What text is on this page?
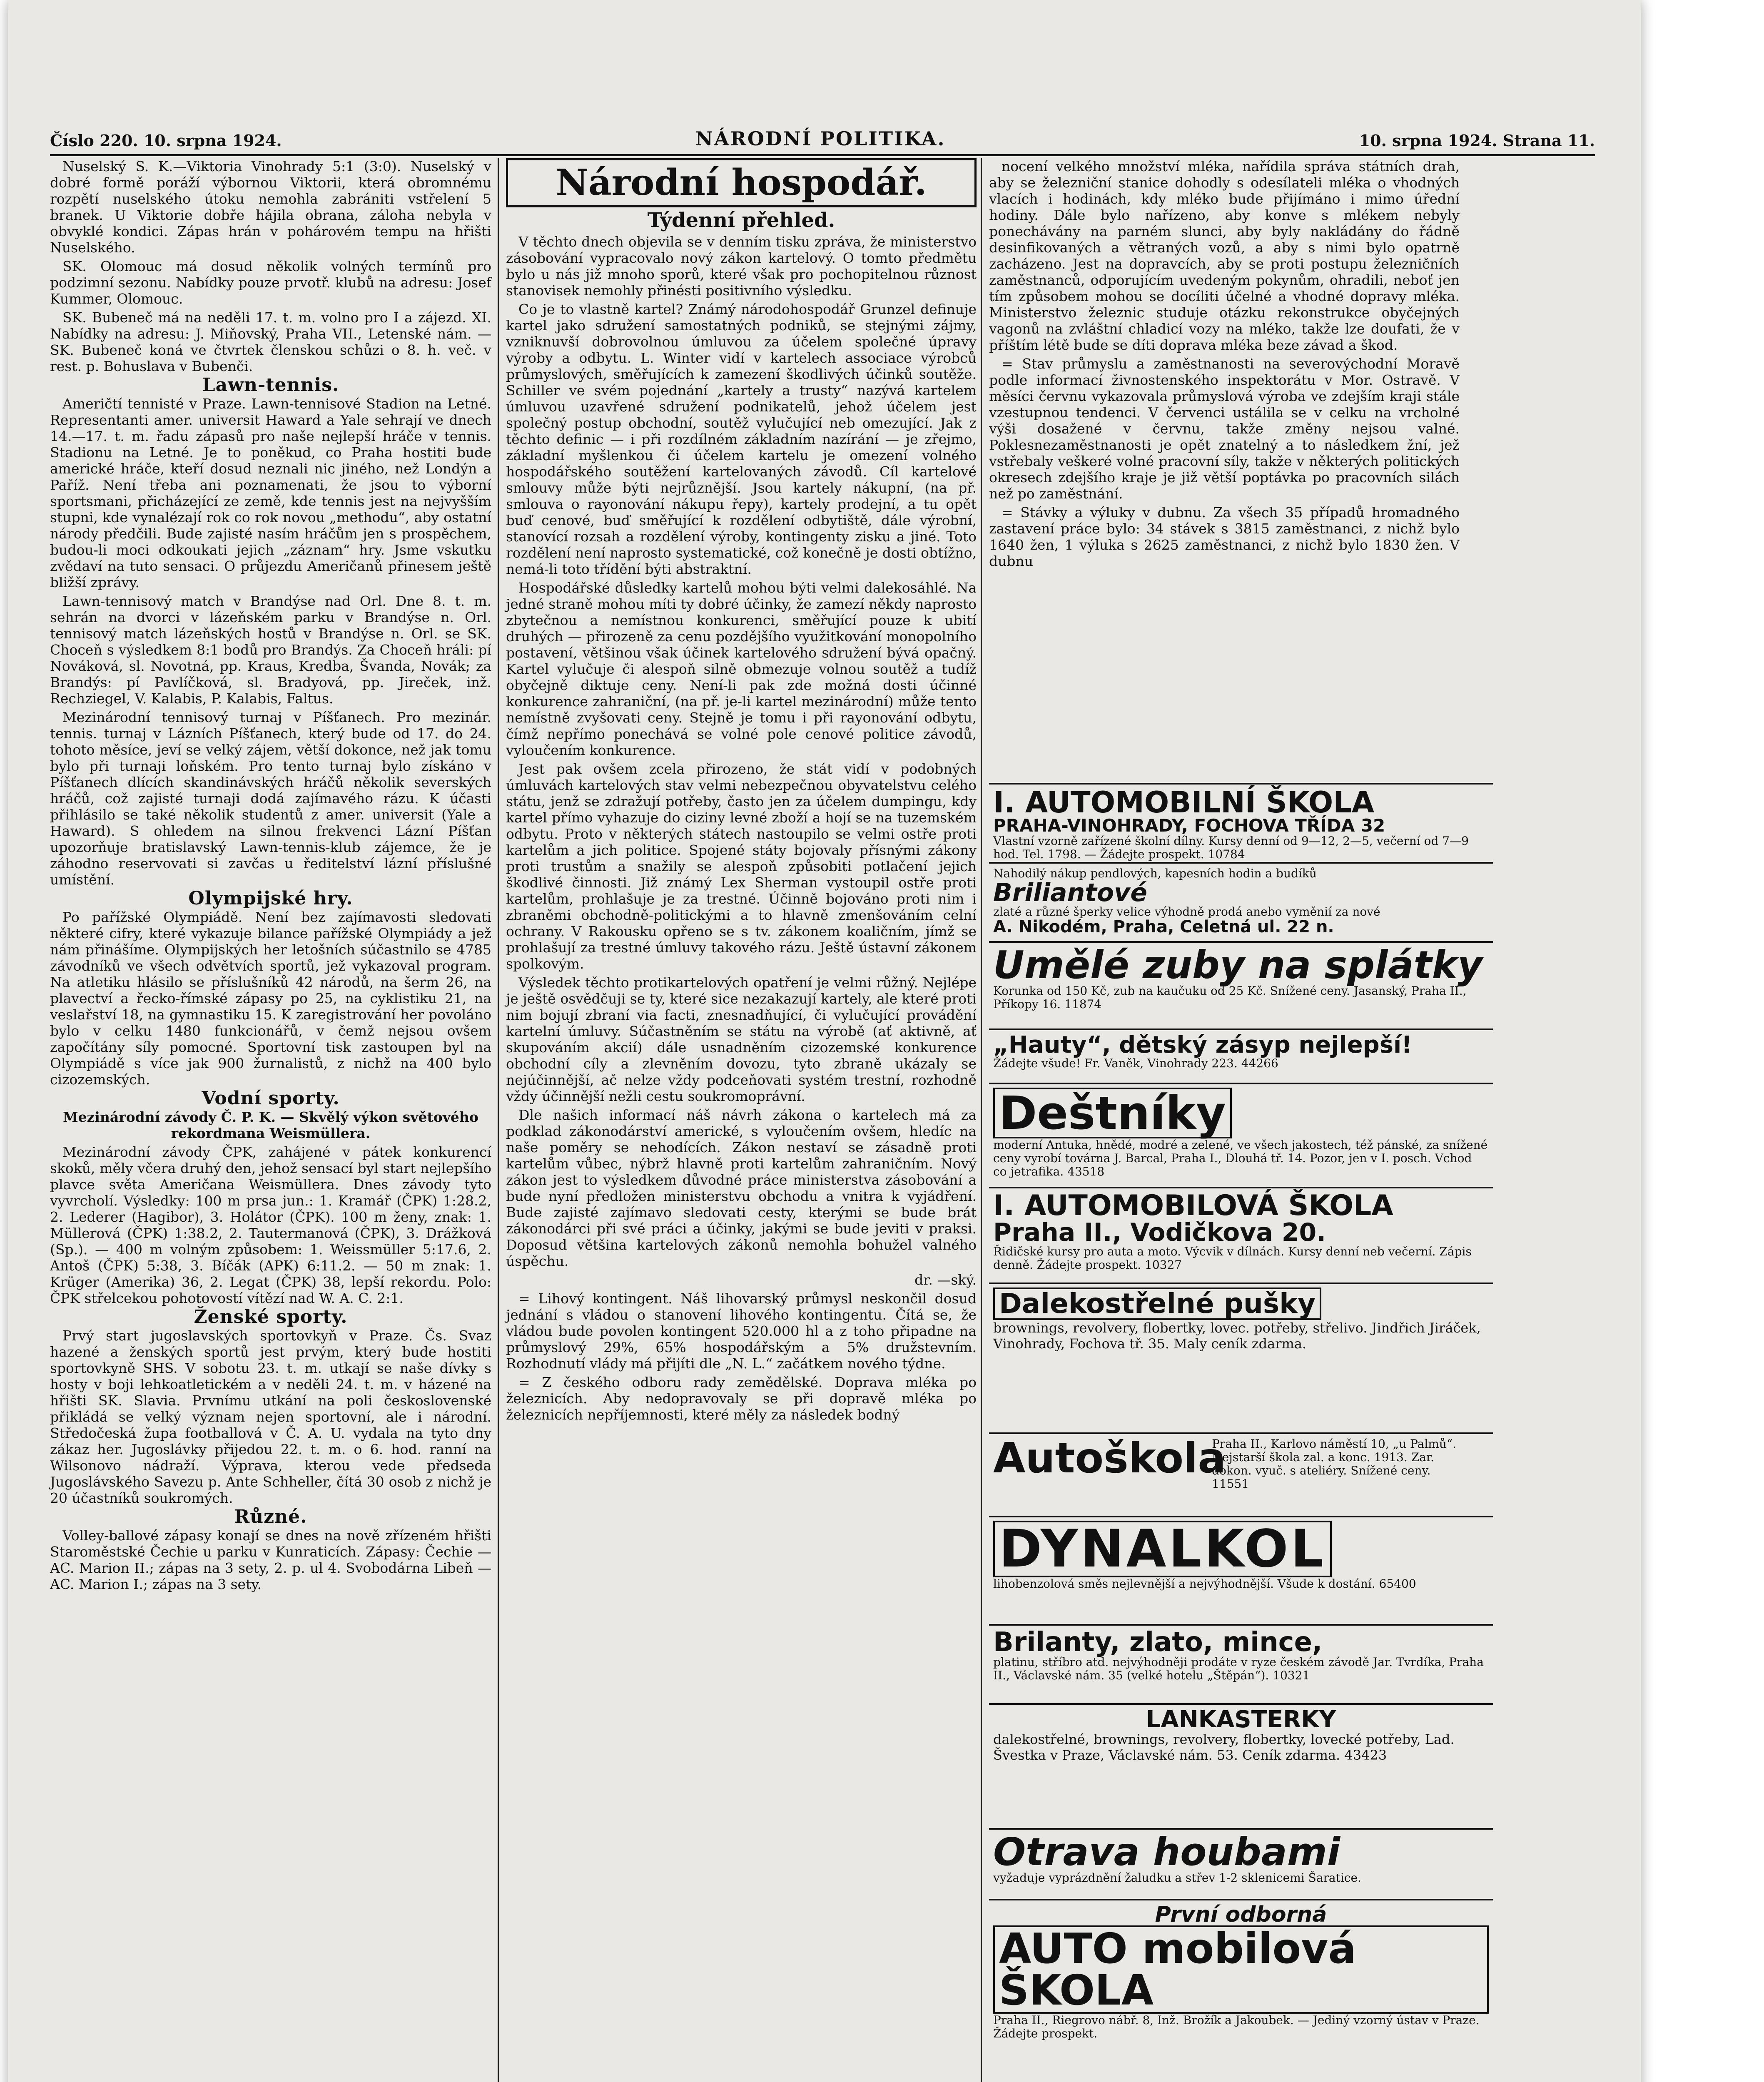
Číslo 220. 10. srpna 1924.	NÁRODNÍ POLITIKA.	10. srpna 1924. Strana 11.

Nuselský S. K.—Viktoria Vinohrady 5:1 (3:0). Nuselský v dobré formě poráží výbornou Viktorii, která obromnému rozpětí nuselského útoku nemohla zabrániti vstřelení 5 branek. U Viktorie dobře hájila obrana, záloha nebyla v obvyklé kondici. Zápas hrán v pohárovém tempu na hřišti Nuselského.

SK. Olomouc má dosud několik volných termínů pro podzimní sezonu. Nabídky pouze prvotř. klubů na adresu: Josef Kummer, Olomouc.

SK. Bubeneč má na neděli 17. t. m. volno pro I a zájezd. XI. Nabídky na adresu: J. Miňovský, Praha VII., Letenské nám. — SK. Bubeneč koná ve čtvrtek členskou schůzi o 8. h. več. v rest. p. Bohuslava v Bubenči.

Lawn-tennis.

Američtí tennisté v Praze. Lawn-tennisové Stadion na Letné. Representanti amer. universit Haward a Yale sehrají ve dnech 14.—17. t. m. řadu zápasů pro naše nejlepší hráče v tennis. Stadionu na Letné. Je to poněkud, co Praha hostiti bude americké hráče, kteří dosud neznali nic jiného, než Londýn a Paříž. Není třeba ani poznamenati, že jsou to výborní sportsmani, přicházející ze země, kde tennis jest na nejvyšším stupni, kde vynalézají rok co rok novou „methodu“, aby ostatní národy předčili. Bude zajisté nasím hráčům jen s prospěchem, budou-li moci odkoukati jejich „záznam“ hry. Jsme vskutku zvědaví na tuto sensaci. O průjezdu Američanů přinesem ještě bližší zprávy.

Lawn-tennisový match v Brandýse nad Orl. Dne 8. t. m. sehrán na dvorci v lázeňském parku v Brandýse n. Orl. tennisový match lázeňských hostů v Brandýse n. Orl. se SK. Choceň s výsledkem 8:1 bodů pro Brandýs. Za Choceň hráli: pí Nováková, sl. Novotná, pp. Kraus, Kredba, Švanda, Novák; za Brandýs: pí Pavlíčková, sl. Bradyová, pp. Jireček, inž. Rechziegel, V. Kalabis, P. Kalabis, Faltus.

Mezinárodní tennisový turnaj v Píšťanech. Pro mezinár. tennis. turnaj v Lázních Píšťanech, který bude od 17. do 24. tohoto měsíce, jeví se velký zájem, větší dokonce, než jak tomu bylo při turnaji loňském. Pro tento turnaj bylo získáno v Píšťanech dlících skandinávských hráčů několik severských hráčů, což zajisté turnaji dodá zajímavého rázu. K účasti přihlásilo se také několik studentů z amer. universit (Yale a Haward). S ohledem na silnou frekvenci Lázní Píšťan upozorňuje bratislavský Lawn-tennis-klub zájemce, že je záhodno reservovati si zavčas u ředitelství lázní příslušné umístění.

Olympijské hry.

Po pařížské Olympiádě. Není bez zajímavosti sledovati některé cifry, které vykazuje bilance pařížské Olympiády a jež nám přinášíme. Olympijských her letošních súčastnilo se 4785 závodníků ve všech odvětvích sportů, jež vykazoval program. Na atletiku hlásilo se příslušníků 42 národů, na šerm 26, na plavectví a řecko-římské zápasy po 25, na cyklistiku 21, na veslařství 18, na gymnastiku 15. K zaregistrování her povoláno bylo v celku 1480 funkcionářů, v čemž nejsou ovšem započítány síly pomocné. Sportovní tisk zastoupen byl na Olympiádě s více jak 900 žurnalistů, z nichž na 400 bylo cizozemských.

Vodní sporty.

Mezinárodní závody Č. P. K. — Skvělý výkon světového rekordmana Weismüllera.

Mezinárodní závody ČPK, zahájené v pátek konkurencí skoků, měly včera druhý den, jehož sensací byl start nejlepšího plavce světa Američana Weismüllera. Dnes závody tyto vyvrcholí. Výsledky: 100 m prsa jun.: 1. Kramář (ČPK) 1:28.2, 2. Lederer (Hagibor), 3. Holátor (ČPK). 100 m ženy, znak: 1. Müllerová (ČPK) 1:38.2, 2. Tautermanová (ČPK), 3. Drážková (Sp.). — 400 m volným způsobem: 1. Weissmüller 5:17.6, 2. Antoš (ČPK) 5:38, 3. Bíčák (APK) 6:11.2. — 50 m znak: 1. Krüger (Amerika) 36, 2. Legat (ČPK) 38, lepší rekordu. Polo: ČPK střelcekou pohotovostí vítězí nad W. A. C. 2:1.

Ženské sporty.

Prvý start jugoslavských sportovkyň v Praze. Čs. Svaz hazené a ženských sportů jest prvým, který bude hostiti sportovkyně SHS. V sobotu 23. t. m. utkají se naše dívky s hosty v boji lehkoatletickém a v neděli 24. t. m. v házené na hřišti SK. Slavia. Prvnímu utkání na poli československé přikládá se velký význam nejen sportovní, ale i národní. Středočeská župa footballová v Č. A. U. vydala na tyto dny zákaz her. Jugoslávky přijedou 22. t. m. o 6. hod. ranní na Wilsonovo nádraží. Výprava, kterou vede předseda Jugoslávského Savezu p. Ante Schheller, čítá 30 osob z nichž je 20 účastníků soukromých.

Různé.

Volley-ballové zápasy konají se dnes na nově zřízeném hřišti Staroměstské Čechie u parku v Kunraticích. Zápasy: Čechie — AC. Marion II.; zápas na 3 sety, 2. p. ul 4. Svobodárna Libeň — AC. Marion I.; zápas na 3 sety.

Národní hospodář.
Týdenní přehled.

V těchto dnech objevila se v denním tisku zpráva, že ministerstvo zásobování vypracovalo nový zákon kartelový. O tomto předmětu bylo u nás již mnoho sporů, které však pro pochopitelnou různost stanovisek nemohly přinésti positivního výsledku.

Co je to vlastně kartel? Známý národohospodář Grunzel definuje kartel jako sdružení samostatných podniků, se stejnými zájmy, vzniknuvší dobrovolnou úmluvou za účelem společné úpravy výroby a odbytu. L. Winter vidí v kartelech associace výrobců průmyslových, směřujících k zamezení škodlivých účinků soutěže. Schiller ve svém pojednání „kartely a trusty“ nazývá kartelem úmluvou uzavřené sdružení podnikatelů, jehož účelem jest společný postup obchodní, soutěž vylučující neb omezující. Jak z těchto definic — i při rozdílném základním nazírání — je zřejmo, základní myšlenkou či účelem kartelu je omezení volného hospodářského soutěžení kartelovaných závodů. Cíl kartelové smlouvy může býti nejrůznější. Jsou kartely nákupní, (na př. smlouva o rayonování nákupu řepy), kartely prodejní, a tu opět buď cenové, buď směřující k rozdělení odbytiště, dále výrobní, stanovící rozsah a rozdělení výroby, kontingenty zisku a jiné. Toto rozdělení není naprosto systematické, což konečně je dosti obtížno, nemá-li toto třídění býti abstraktní.

Hospodářské důsledky kartelů mohou býti velmi dalekosáhlé. Na jedné straně mohou míti ty dobré účinky, že zamezí někdy naprosto zbytečnou a nemístnou konkurenci, směřující pouze k ubití druhých — přirozeně za cenu pozdějšího využitkování monopolního postavení, většinou však účinek kartelového sdružení bývá opačný. Kartel vylučuje či alespoň silně obmezuje volnou soutěž a tudíž obyčejně diktuje ceny. Není-li pak zde možná dosti účinné konkurence zahraniční, (na př. je-li kartel mezinárodní) může tento nemístně zvyšovati ceny. Stejně je tomu i při rayonování odbytu, čímž nepřímo ponechává se volné pole cenové politice závodů, vyloučením konkurence.

Jest pak ovšem zcela přirozeno, že stát vidí v podobných úmluvách kartelových stav velmi nebezpečnou obyvatelstvu celého státu, jenž se zdražují potřeby, často jen za účelem dumpingu, kdy kartel přímo vyhazuje do ciziny levné zboží a hojí se na tuzemském odbytu. Proto v některých státech nastoupilo se velmi ostře proti kartelům a jich politice. Spojené státy bojovaly přísnými zákony proti trustům a snažily se alespoň způsobiti potlačení jejich škodlivé činnosti. Již známý Lex Sherman vystoupil ostře proti kartelům, prohlašuje je za trestné. Účinně bojováno proti nim i zbraněmi obchodně-politickými a to hlavně zmenšováním celní ochrany. V Rakousku opřeno se s tv. zákonem koaličním, jímž se prohlašují za trestné úmluvy takového rázu. Ještě ústavní zákonem spolkovým.

Výsledek těchto protikartelových opatření je velmi růžný. Nejlépe je ještě osvědčuji se ty, které sice nezakazují kartely, ale které proti nim bojují zbraní via facti, znesnadňující, či vylučující provádění kartelní úmluvy. Súčastněním se státu na výrobě (ať aktivně, ať skupováním akcií) dále usnadněním cizozemské konkurence obchodní cíly a zlevněním dovozu, tyto zbraně ukázaly se nejúčinnější, ač nelze vždy podceňovati systém trestní, rozhodně vždy účinnější nežli cestu soukromoprávní.

Dle našich informací náš návrh zákona o kartelech má za podklad zákonodárství americké, s vyloučením ovšem, hledíc na naše poměry se nehodících. Zákon nestaví se zásadně proti kartelům vůbec, nýbrž hlavně proti kartelům zahraničním. Nový zákon jest to výsledkem důvodné práce ministerstva zásobování a bude nyní předložen ministerstvu obchodu a vnitra k vyjádření. Bude zajisté zajímavo sledovati cesty, kterými se bude brát zákonodárci při své práci a účinky, jakými se bude jeviti v praksi. Doposud většina kartelových zákonů nemohla bohužel valného úspěchu.

dr. —ský.

= Lihový kontingent. Náš lihovarský průmysl neskončil dosud jednání s vládou o stanovení lihového kontingentu. Čítá se, že vládou bude povolen kontingent 520.000 hl a z toho připadne na průmyslový 29%, 65% hospodářským a 5% družstevním. Rozhodnutí vlády má přijíti dle „N. L.“ začátkem nového týdne.

= Z českého odboru rady zemědělské. Doprava mléka po železnicích. Aby nedopravovaly se při dopravě mléka po železnicích nepříjemnosti, které měly za následek bodný

nocení velkého množství mléka, nařídila správa státních drah, aby se železniční stanice dohodly s odesílateli mléka o vhodných vlacích i hodinách, kdy mléko bude přijímáno i mimo úřední hodiny. Dále bylo nařízeno, aby konve s mlékem nebyly ponechávány na parném slunci, aby byly nakládány do řádně desinfikovaných a větraných vozů, a aby s nimi bylo opatrně zacházeno. Jest na dopravcích, aby se proti postupu železničních zaměstnanců, odporujícím uvedeným pokynům, ohradili, neboť jen tím způsobem mohou se docíliti účelné a vhodné dopravy mléka. Ministerstvo železnic studuje otázku rekonstrukce obyčejných vagonů na zvláštní chladicí vozy na mléko, takže lze doufati, že v příštím létě bude se díti doprava mléka beze závad a škod.

= Stav průmyslu a zaměstnanosti na severovýchodní Moravě podle informací živnostenského inspektorátu v Mor. Ostravě. V měsíci červnu vykazovala průmyslová výroba ve zdejším kraji stále vzestupnou tendenci. V červenci ustálila se v celku na vrcholné výši dosažené v červnu, takže změny nejsou valné. Poklesnezaměstnanosti je opět znatelný a to následkem žní, jež vstřebaly veškeré volné pracovní síly, takže v některých politických okresech zdejšího kraje je již větší poptávka po pracovních silách než po zaměstnání.

= Stávky a výluky v dubnu. Za všech 35 případů hromadného zastavení práce bylo: 34 stávek s 3815 zaměstnanci, z nichž bylo 1640 žen, 1 výluka s 2625 zaměstnanci, z nichž bylo 1830 žen. V dubnu

I. AUTOMOBILNÍ ŠKOLA
PRAHA-VINOHRADY, FOCHOVA TŘÍDA 32
Vlastní vzorně zařízené školní dílny. Kursy denní od 9—12, 2—5, večerní od 7—9 hod. Tel. 1798. — Žádejte prospekt. 10784
Nahodilý nákup pendlových, kapesních hodin a budíků
Briliantové
zlaté a různé šperky velice výhodně prodá anebo vyměnií za nové
A. Nikodém, Praha, Celetná ul. 22 n.
Umělé zuby na splátky
Korunka od 150 Kč, zub na kaučuku od 25 Kč. Snížené ceny. Jasanský, Praha II., Příkopy 16. 11874
„Hauty“, dětský zásyp nejlepší!
Žádejte všude! Fr. Vaněk, Vinohrady 223. 44266
Deštníky
moderní Antuka, hnědé, modré a zelené, ve všech jakostech, též pánské, za snížené ceny vyrobí továrna J. Barcal, Praha I., Dlouhá tř. 14. Pozor, jen v I. posch. Vchod co jetrafika. 43518
I. AUTOMOBILOVÁ ŠKOLA
Praha II., Vodičkova 20.
Řidičské kursy pro auta a moto. Výcvik v dílnách. Kursy denní neb večerní. Zápis denně. Žádejte prospekt. 10327
Dalekostřelné pušky
brownings, revolvery, flobertky, lovec. potřeby, střelivo. Jindřich Jiráček, Vinohrady, Fochova tř. 35. Maly ceník zdarma.
Autoškola Praha II., Karlovo náměstí 10, „u Palmů“. Nejstarší škola zal. a konc. 1913. Zar. dokon. vyuč. s ateliéry. Snížené ceny. 11551
DYNALKOL
lihobenzolová směs nejlevnější a nejvýhodnější. Všude k dostání. 65400
Brilanty, zlato, mince,
platinu, stříbro atd. nejvýhodněji prodáte v ryze českém závodě Jar. Tvrdíka, Praha II., Václavské nám. 35 (velké hotelu „Štěpán“). 10321
LANKASTERKY
dalekostřelné, brownings, revolvery, flobertky, lovecké potřeby, Lad. Švestka v Praze, Václavské nám. 53. Ceník zdarma. 43423
Otrava houbami
vyžaduje vyprázdnění žaludku a střev 1-2 sklenicemi Šaratice.
První odborná
AUTO mobilová ŠKOLA
Praha II., Riegrovo nábř. 8, Inž. Brožík a Jakoubek. — Jediný vzorný ústav v Praze. Žádejte prospekt.
